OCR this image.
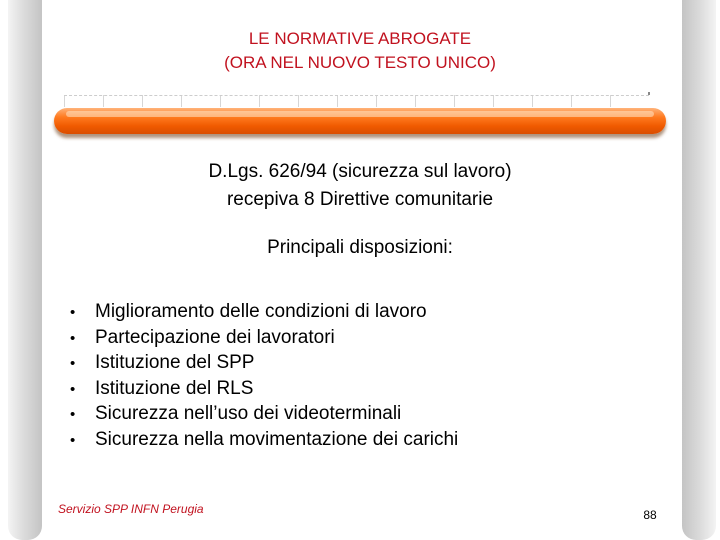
LE NORMATIVE ABROGATE
(ORA NEL NUOVO TESTO UNICO)
D.Lgs. 626/94 (sicurezza sul lavoro)
recepiva 8 Direttive comunitarie
Principali disposizioni:
•	Miglioramento delle condizioni di lavoro
•	Partecipazione dei lavoratori
•	Istituzione del SPP
•	Istituzione del RLS
•	Sicurezza nell’uso dei videoterminali
•	Sicurezza nella movimentazione dei carichi
Servizio SPP INFN Perugia	88
